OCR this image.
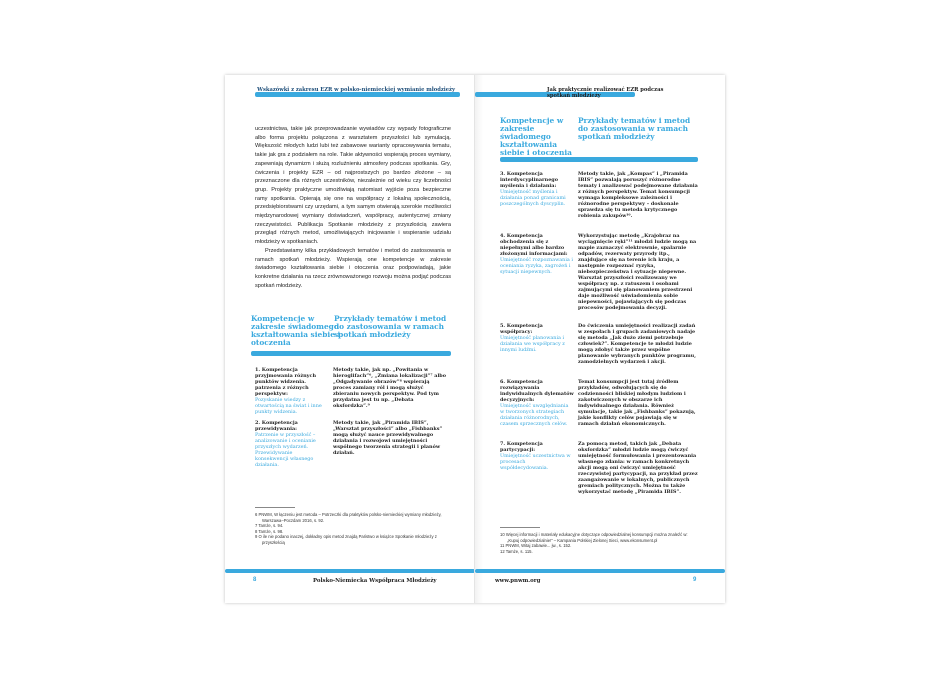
Wskazówki z zakresu EZR w polsko-niemieckiej wymianie młodzieży

uczestnictwa, takie jak przeprowadzanie wywiadów czy wypady fotograficzne albo forma projektu połączona z warsztatem przyszłości lub symulacją. Większość młodych ludzi lubi też zabawowe warianty opracowywania tematu, takie jak gra z podziałem na role. Takie aktywności wspierają proces wymiany, zapewniają dynamizm i służą rozluźnieniu atmosfery podczas spotkania. Gry, ćwiczenia i projekty EZR – od najprostszych po bardzo złożone – są przeznaczone dla różnych uczestników, niezależnie od wieku czy liczebności grup. Projekty praktyczne umożliwiają natomiast wyjście poza bezpieczne ramy spotkania. Opierają się one na współpracy z lokalną społecznością, przedsiębiorstwami czy urzędami, a tym samym otwierają szerokie możliwości międzynarodowej wymiany doświadczeń, współpracy, autentycznej zmiany rzeczywistości. Publikacja Spotkanie młodzieży z przyszłością zawiera przegląd różnych metod, umożliwiających inicjowanie i wspieranie udziału młodzieży w spotkaniach.

Przedstawiamy kilka przykładowych tematów i metod do zastosowania w ramach spotkań młodzieży. Wspierają one kompetencje w zakresie świadomego kształtowania siebie i otoczenia oraz podpowiadają, jakie konkretne działania na rzecz zrównoważonego rozwoju można podjąć podczas spotkań młodzieży.

Kompetencje w zakresie świadomego kształtowania siebie i otoczenia
Przykłady tematów i metod do zastosowania w ramach spotkań młodzieży
1. Kompetencja przyjmowania różnych punktów widzenia. patrzenia z różnych perspektyw:
Pozyskanie wiedzy z otwartością na świat i inne punkty widzenia.
Metody takie, jak np. „Powitania w hieroglifach”⁶, „Zmiana lokalizacji”⁷ albo „Odgadywanie obrazów”⁸ wspierają proces zamiany ról i mogą służyć zbieraniu nowych perspektyw. Pod tym przydatna jest tu np. „Debata oksfordzka”.⁹
2. Kompetencja przewidywania:
Patrzenie w przyszłość – analizowanie i ocenianie przyszłych wydarzeń. Przewidywanie konsekwencji własnego działania.
Metody takie, jak „Piramida IBIS”, „Warsztat przyszłości” albo „Fishbanks” mogą służyć nauce przewidywalnego działania i rozwojowi umiejętności wspólnego tworzenia strategii i planów działań.
6 PNWM, W łączeniu jest metoda – Potrzeczki dla praktyków polsko-niemieckiej wymiany młodzieży, Warszawa–Poczdam 2016, s. 92.
7 Tamże, s. 94.
8 Tamże, s. 98.
9 O ile nie podano inaczej, dokładny opis metod znajdą Państwo w książce Spotkanie młodzieży z przyszłością
8	Polsko-Niemiecka Współpraca Młodzieży
Jak praktycznie realizować EZR podczas spotkań młodzieży
Kompetencje w zakresie świadomego kształtowania siebie i otoczenia
Przykłady tematów i metod do zastosowania w ramach spotkań młodzieży
3. Kompetencja interdyscyplinarnego myślenia i działania:
Umiejętność myślenia i działania ponad granicami poszczególnych dyscyplin.
Metody takie, jak „Kompas” i „Piramida IBIS” pozwalają poruszyć różnorodne tematy i analizować podejmowane działania z różnych perspektyw. Temat konsumpcji wymaga kompleksowe zależności i różnorodne perspektywy – doskonale sprawdza się tu metoda krytycznego robienia zakupów¹⁰.
4. Kompetencja obchodzenia się z niepełnymi albo bardzo złożonymi informacjami:
Umiejętność rozpoznawania i oceniania ryzyka, zagrożeń i sytuacji niepewnych.
Wykorzystując metodę „Krajobraz na wyciągnięcie ręki”¹¹ młodzi ludzie mogą na mapie zaznaczyć elektrownie, spalarnie odpadów, rezerwaty przyrody itp., znajdujące się na terenie ich kraju, a następnie rozpoznać ryzyka, niebezpieczeństwa i sytuacje niepewne. Warsztat przyszłości realizowany we współpracy np. z ratuszem i osobami zajmującymi się planowaniem przestrzeni daje możliwość uświadomienia sobie niepewności, pojawiających się podczas procesów podejmowania decyzji.
5. Kompetencja współpracy:
Umiejętność planowania i działania we współpracy z innymi ludźmi.
Do ćwiczenia umiejętności realizacji zadań w zespołach i grupach zadaniowych nadaje się metoda „Jak dużo ziemi potrzebuje człowiek?”. Kompetencje te młodzi ludzie mogą zdobyć także przez wspólne planowanie wybranych punktów programu, zamodzielnych wydarzeń i akcji.
6. Kompetencja rozwiązywania indywidualnych dylematów decyzyjnych:
Umiejętność uwzględniania w tworzonych strategiach działania różnorodnych, czasem sprzecznych celów.
Temat konsumpcji jest tutaj źródłem przykładów, odwołujących się do codzienności bliskiej młodym ludziom i zakotwiczonych w obszarze ich indywidualnego działania. Również symulacje, takie jak „Fishbanks” pokazują, jakie konflikty celów pojawiają się w ramach działań ekonomicznych.
7. Kompetencja partycypacji:
Umiejętność uczestnictwa w procesach współdecydowania.
Za pomocą metod, takich jak „Debata oksfordzka” młodzi ludzie mogą ćwiczyć umiejętność formułowania i prezentowania własnego zdania: w ramach konkretnych akcji mogą oni ćwiczyć umiejętność rzeczywistej partycypacji, na przykład przez zaangażowanie w lokalnych, publicznych gremiach politycznych. Można tu także wykorzystać metodę „Piramida IBIS”.
10 Więcej informacji i materiały edukacyjne dotyczące odpowiedzialnej konsumpcji można znaleźć w: „Kupuj odpowiedzialnie!” – Kampania Polskiej Zielonej Sieci, www.ekonsument.pl
11 PNWM, Witaj zabawie... jw., s. 152.
12 Tamże, s. 115.
www.pnwm.org	9
